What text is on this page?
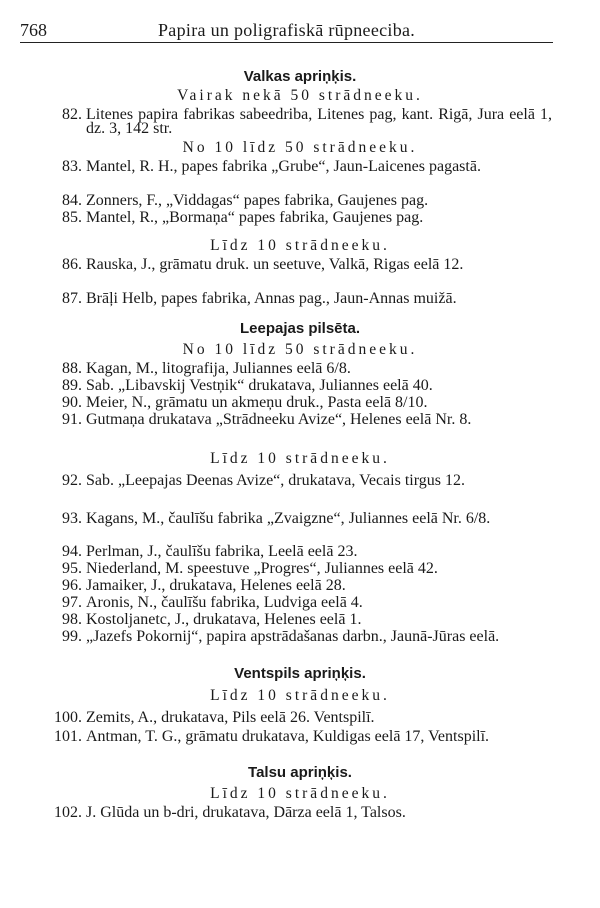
768	Papira un poligrafiskā rūpneeciba.
Valkas apriņķis.
Vairak nekā 50 strādneeku.
82. Litenes papira fabrikas sabeedriba, Litenes pag, kant. Rigā, Jura eelā 1, dz. 3, 142 str.
No 10 līdz 50 strādneeku.
83. Mantel, R. H., papes fabrika „Grube“, Jaun-Laicenes pagastā.
84. Zonners, F., „Viddagas“ papes fabrika, Gaujenes pag.
85. Mantel, R., „Bormaņa“ papes fabrika, Gaujenes pag.
Līdz 10 strādneeku.
86. Rauska, J., grāmatu druk. un seetuve, Valkā, Rigas eelā 12.
87. Brāļi Helb, papes fabrika, Annas pag., Jaun-Annas muižā.
Leepajas pilsēta.
No 10 līdz 50 strādneeku.
88. Kagan, M., litografija, Juliannes eelā 6/8.
89. Sab. „Libavskij Vestņik“ drukatava, Juliannes eelā 40.
90. Meier, N., grāmatu un akmeņu druk., Pasta eelā 8/10.
91. Gutmaņa drukatava „Strādneeku Avize“, Helenes eelā Nr. 8.
Līdz 10 strādneeku.
92. Sab. „Leepajas Deenas Avize“, drukatava, Vecais tirgus 12.
93. Kagans, M., čaulīšu fabrika „Zvaigzne“, Juliannes eelā Nr. 6/8.
94. Perlman, J., čaulīšu fabrika, Leelā eelā 23.
95. Niederland, M. speestuve „Progres“, Juliannes eelā 42.
96. Jamaiker, J., drukatava, Helenes eelā 28.
97. Aronis, N., čaulīšu fabrika, Ludviga eelā 4.
98. Kostoljanetc, J., drukatava, Helenes eelā 1.
99. „Jazefs Pokornij“, papira apstrādašanas darbn., Jaunā-Jūras eelā.
Ventspils apriņķis.
Līdz 10 strādneeku.
100. Zemits, A., drukatava, Pils eelā 26. Ventspilī.
101. Antman, T. G., grāmatu drukatava, Kuldigas eelā 17, Ventspilī.
Talsu apriņķis.
Līdz 10 strādneeku.
102. J. Glūda un b-dri, drukatava, Dārza eelā 1, Talsos.
